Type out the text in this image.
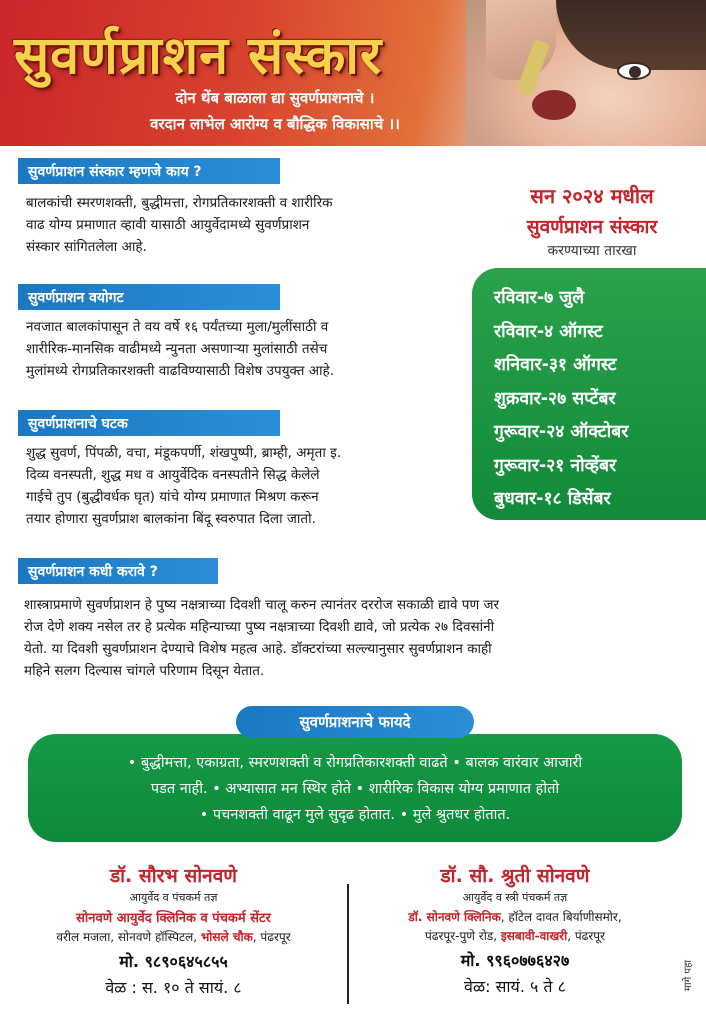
सुवर्णप्राशन संस्कार
दोन थेंब बाळाला द्या सुवर्णप्राशनाचे ।
वरदान लाभेल आरोग्य व बौद्धिक विकासाचे ।।
सुवर्णप्राशन संस्कार म्हणजे काय ?

बालकांची स्मरणशक्ती, बुद्धीमत्ता, रोगप्रतिकारशक्ती व शारीरिक

वाढ योग्य प्रमाणात व्हावी यासाठी आयुर्वेदामध्ये सुवर्णप्राशन

संस्कार सांगितलेला आहे.

सुवर्णप्राशन वयोगट

नवजात बालकांपासून ते वय वर्षे १६ पर्यंतच्या मुला/मुलींसाठी व

शारीरिक-मानसिक वाढीमध्ये न्युनता असणाऱ्या मुलांसाठी तसेच

मुलांमध्ये रोगप्रतिकारशक्ती वाढविण्यासाठी विशेष उपयुक्त आहे.

सुवर्णप्राशनाचे घटक

शुद्ध सुवर्ण, पिंपळी, वचा, मंडूकपर्णी, शंखपुष्पी, ब्राम्ही, अमृता इ.

दिव्य वनस्पती, शुद्ध मध व आयुर्वेदिक वनस्पतीने सिद्ध केलेले

गाईचे तुप (बुद्धीवर्धक घृत) यांचे योग्य प्रमाणात मिश्रण करून

तयार होणारा सुवर्णप्राश बालकांना बिंदू स्वरुपात दिला जातो.

सन २०२४ मधील
सुवर्णप्राशन संस्कार
करण्याच्या तारखा
रविवार-७ जुलै
रविवार-४ ऑगस्ट
शनिवार-३१ ऑगस्ट
शुक्रवार-२७ सप्टेंबर
गुरूवार-२४ ऑक्टोबर
गुरूवार-२१ नोव्हेंबर
बुधवार-१८ डिसेंबर
सुवर्णप्राशन कधी करावे ?

शास्त्राप्रमाणे सुवर्णप्राशन हे पुष्य नक्षत्राच्या दिवशी चालू करुन त्यानंतर दररोज सकाळी द्यावे पण जर

रोज देणे शक्य नसेल तर हे प्रत्येक महिन्याच्या पुष्य नक्षत्राच्या दिवशी द्यावे, जो प्रत्येक २७ दिवसांनी

येतो. या दिवशी सुवर्णप्राशन देण्याचे विशेष महत्व आहे. डॉक्टरांच्या सल्ल्यानुसार सुवर्णप्राशन काही

महिने सलग दिल्यास चांगले परिणाम दिसून येतात.

सुवर्णप्राशनाचे फायदे
• बुद्धीमत्ता, एकाग्रता, स्मरणशक्ती व रोगप्रतिकारशक्ती वाढते • बालक वारंवार आजारी
पडत नाही. • अभ्यासात मन स्थिर होते • शारीरिक विकास योग्य प्रमाणात होतो
• पचनशक्ती वाढून मुले सुदृढ होतात. • मुले श्रुतधर होतात.
डॉ. सौरभ सोनवणे
आयुर्वेद व पंचकर्म तज्ञ
सोनवणे आयुर्वेद क्लिनिक व पंचकर्म सेंटर
वरील मजला, सोनवणे हॉस्पिटल, भोसले चौक, पंढरपूर
मो. ९८९०६४५८५५
वेळ : स. १० ते सायं. ८
डॉ. सौ. श्रुती सोनवणे
आयुर्वेद व स्त्री पंचकर्म तज्ञ
डॉ. सोनवणे क्लिनिक, हॉटेल दावत बिर्याणीसमोर,
पंढरपूर-पुणे रोड, इसबावी-वाखरी, पंढरपूर
मो. ९९६०७७६४२७
वेळ: सायं. ५ ते ८	मागे पहा
